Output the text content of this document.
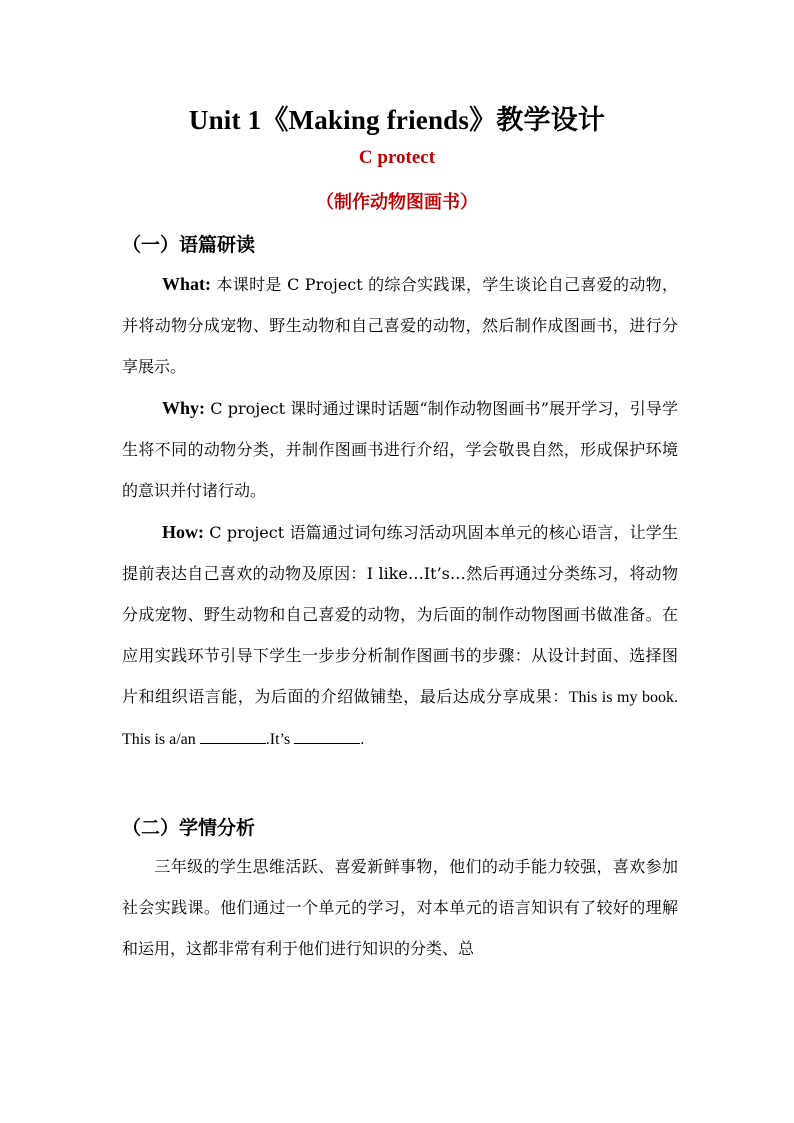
Unit 1《Making friends》教学设计
C protect
（制作动物图画书）
（一）语篇研读
What: 本课时是 C Project 的综合实践课，学生谈论自己喜爱的动物，并将动物分成宠物、野生动物和自己喜爱的动物，然后制作成图画书，进行分享展示。
Why: C project 课时通过课时话题“制作动物图画书”展开学习，引导学生将不同的动物分类，并制作图画书进行介绍，学会敬畏自然，形成保护环境的意识并付诸行动。
How: C project 语篇通过词句练习活动巩固本单元的核心语言，让学生提前表达自己喜欢的动物及原因：I like…It’s…然后再通过分类练习，将动物分成宠物、野生动物和自己喜爱的动物，为后面的制作动物图画书做准备。在应用实践环节引导下学生一步步分析制作图画书的步骤：从设计封面、选择图片和组织语言能，为后面的介绍做铺垫，最后达成分享成果：This is my book. This is a/an	.It’s	.
（二）学情分析
三年级的学生思维活跃、喜爱新鲜事物，他们的动手能力较强，喜欢参加社会实践课。他们通过一个单元的学习，对本单元的语言知识有了较好的理解和运用，这都非常有利于他们进行知识的分类、总
